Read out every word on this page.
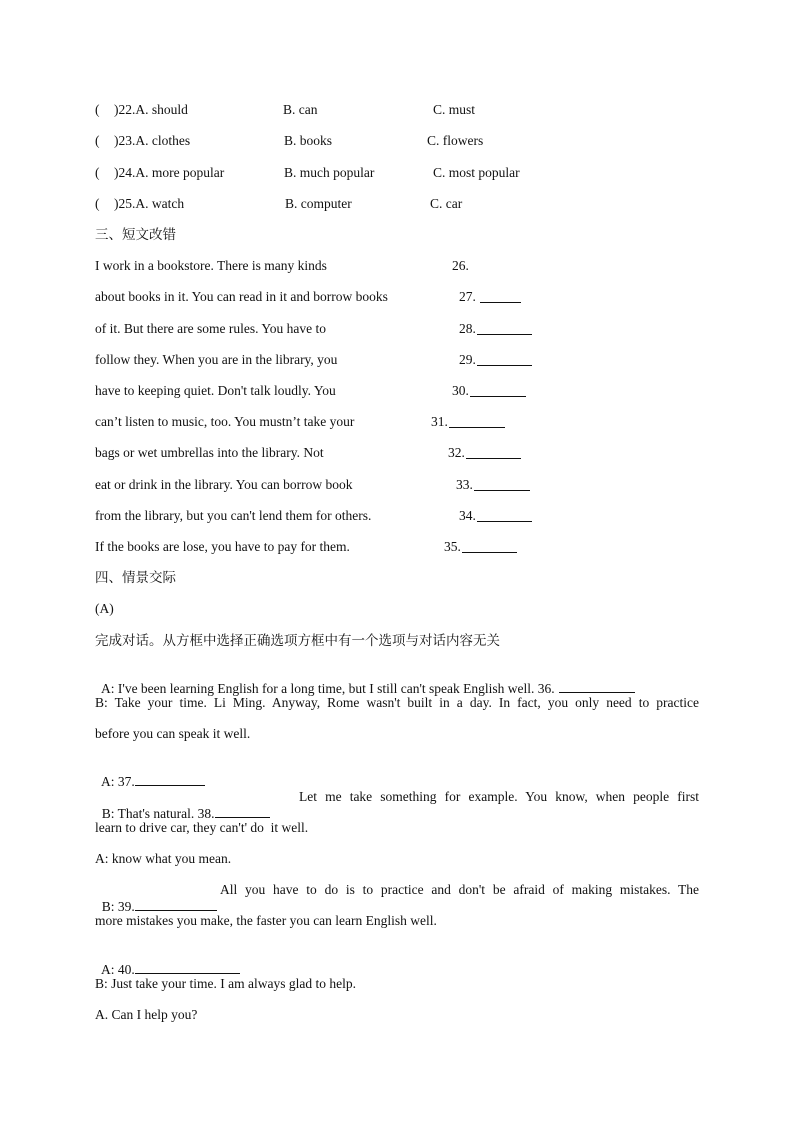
( )22.A. should	B. can	C. must
( )23.A. clothes	B. books	C. flowers
( )24.A. more popular	B. much popular	C. most popular
( )25.A. watch	B. computer	C. car
三、短文改错
I work in a bookstore. There is many kinds	26.
about books in it. You can read in it and borrow books	27.
of it. But there are some rules. You have to	28.
follow they. When you are in the library, you	29.
have to keeping quiet. Don't talk loudly. You	30.
can’t listen to music, too. You mustn’t take your	31.
bags or wet umbrellas into the library. Not	32.
eat or drink in the library. You can borrow book	33.
from the library, but you can't lend them for others.	34.
If the books are lose, you have to pay for them.	35.
四、情景交际
(A)
完成对话。从方框中选择正确选项方框中有一个选项与对话内容无关

A: I've been learning English for a long time, but I still can't speak English well. 36.

B: Take your time. Li Ming. Anyway, Rome wasn't built in a day. In fact, you only need to practice
before you can speak it well.

A: 37.

B: That's natural. 38.

Let me take something for example. You know, when people first
learn to drive car, they can't' do  it well.
A: know what you mean.

B: 39.

All you have to do is to practice and don't be afraid of making mistakes. The
more mistakes you make, the faster you can learn English well.

A: 40.

B: Just take your time. I am always glad to help.
A. Can I help you?
